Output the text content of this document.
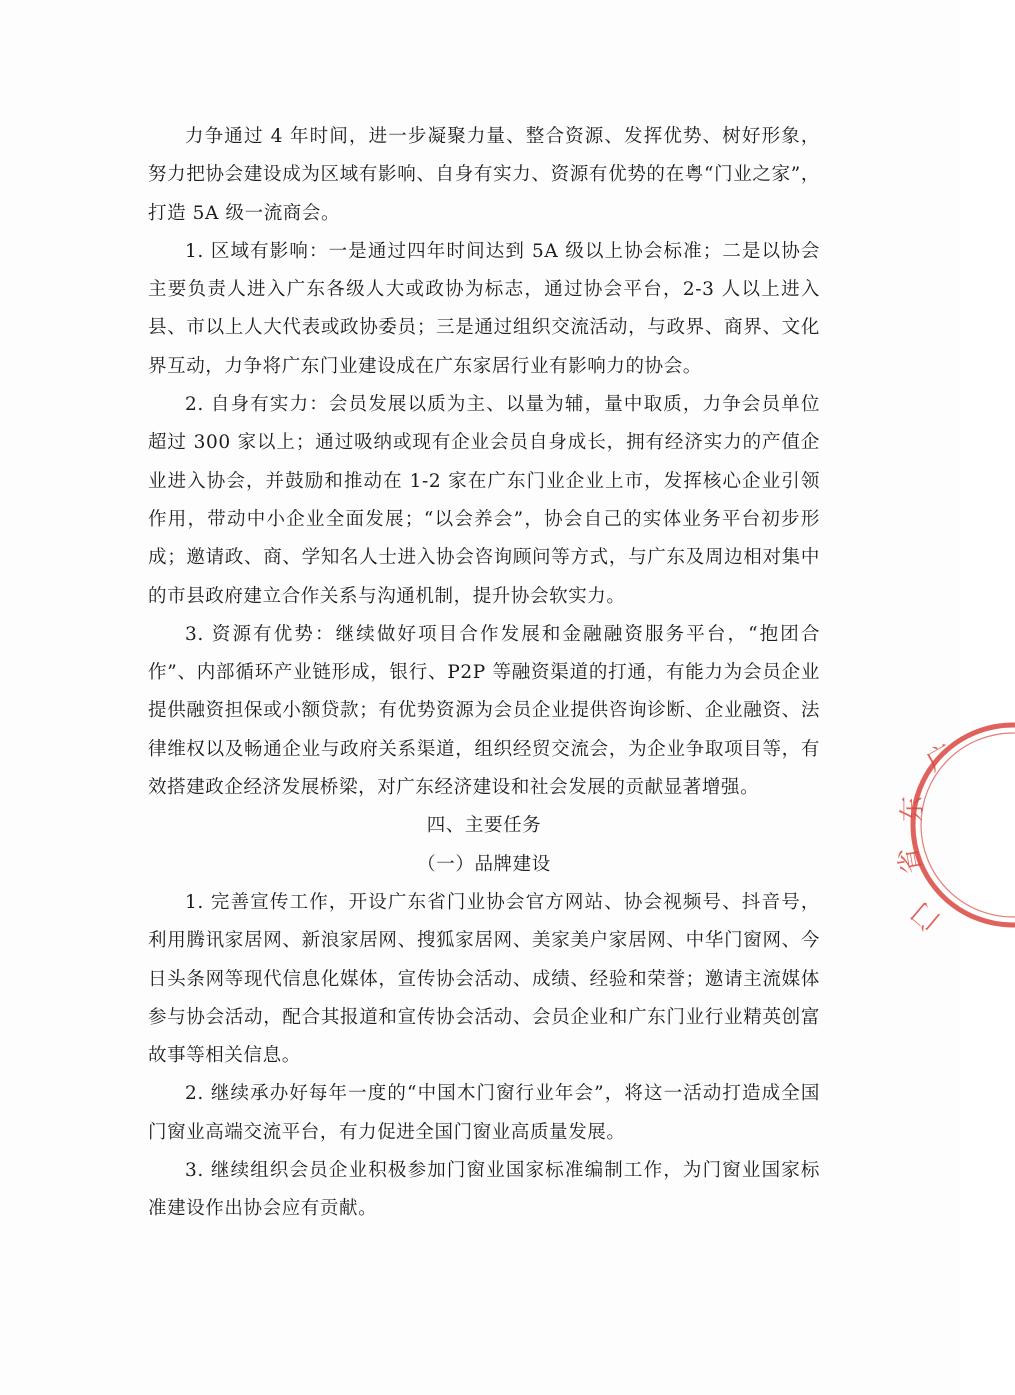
力争通过 4 年时间，进一步凝聚力量、整合资源、发挥优势、树好形象，努力把协会建设成为区域有影响、自身有实力、资源有优势的在粤“门业之家”，打造 5A 级一流商会。

1. 区域有影响：一是通过四年时间达到 5A 级以上协会标准；二是以协会主要负责人进入广东各级人大或政协为标志，通过协会平台，2-3 人以上进入县、市以上人大代表或政协委员；三是通过组织交流活动，与政界、商界、文化界互动，力争将广东门业建设成在广东家居行业有影响力的协会。

2. 自身有实力：会员发展以质为主、以量为辅，量中取质，力争会员单位超过 300 家以上；通过吸纳或现有企业会员自身成长，拥有经济实力的产值企业进入协会，并鼓励和推动在 1-2 家在广东门业企业上市，发挥核心企业引领作用，带动中小企业全面发展；“以会养会”，协会自己的实体业务平台初步形成；邀请政、商、学知名人士进入协会咨询顾问等方式，与广东及周边相对集中的市县政府建立合作关系与沟通机制，提升协会软实力。

3. 资源有优势：继续做好项目合作发展和金融融资服务平台，“抱团合作”、内部循环产业链形成，银行、P2P 等融资渠道的打通，有能力为会员企业提供融资担保或小额贷款；有优势资源为会员企业提供咨询诊断、企业融资、法律维权以及畅通企业与政府关系渠道，组织经贸交流会，为企业争取项目等，有效搭建政企经济发展桥梁，对广东经济建设和社会发展的贡献显著增强。

四、主要任务

（一）品牌建设

1. 完善宣传工作，开设广东省门业协会官方网站、协会视频号、抖音号，利用腾讯家居网、新浪家居网、搜狐家居网、美家美户家居网、中华门窗网、今日头条网等现代信息化媒体，宣传协会活动、成绩、经验和荣誉；邀请主流媒体参与协会活动，配合其报道和宣传协会活动、会员企业和广东门业行业精英创富故事等相关信息。

2. 继续承办好每年一度的“中国木门窗行业年会”，将这一活动打造成全国门窗业高端交流平台，有力促进全国门窗业高质量发展。

3. 继续组织会员企业积极参加门窗业国家标准编制工作，为门窗业国家标准建设作出协会应有贡献。

广
东
省
门
